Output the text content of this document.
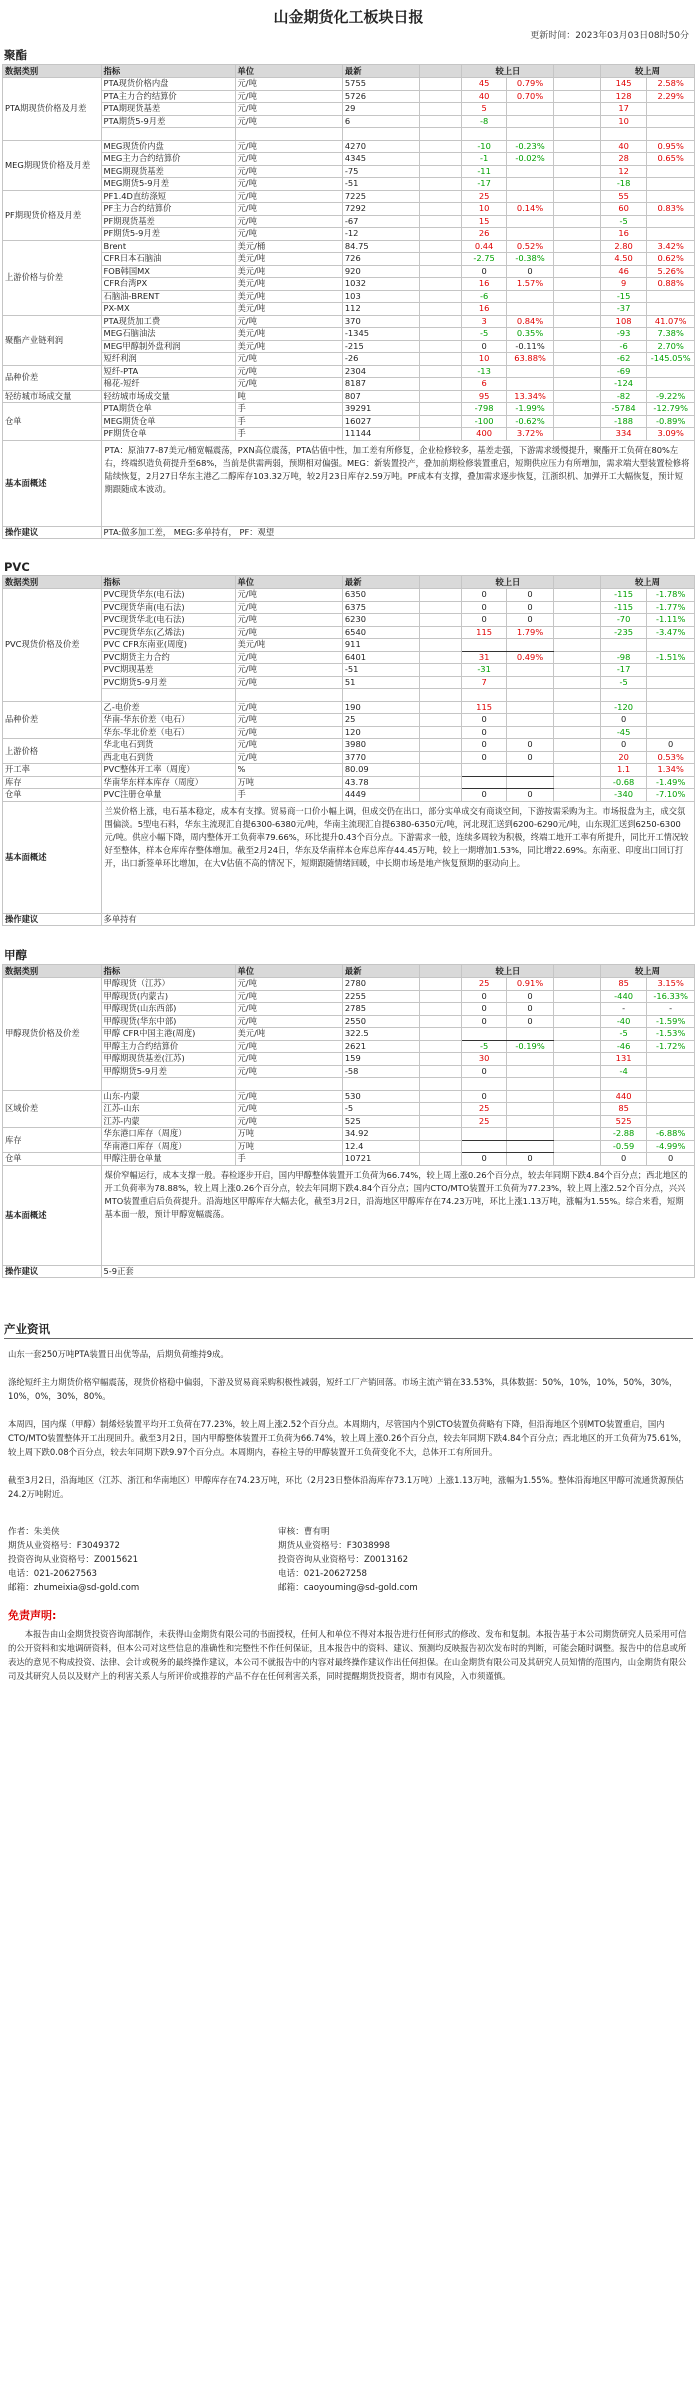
山金期货化工板块日报
更新时间：2023年03月03日08时50分
聚酯
数据类别	指标	单位	最新		较上日			较上周	
PTA期现货价格及月差	PTA现货价格内盘	元/吨	5755		45	0.79%		145	2.58%
	PTA主力合约结算价	元/吨	5726		40	0.70%		128	2.29%
	PTA期现货基差	元/吨	29		5			17	
	PTA期货5-9月差	元/吨	6		-8			10	

MEG期现货价格及月差	MEG现货价内盘	元/吨	4270		-10	-0.23%		40	0.95%
	MEG主力合约结算价	元/吨	4345		-1	-0.02%		28	0.65%
	MEG期现货基差	元/吨	-75		-11			12	
	MEG期货5-9月差	元/吨	-51		-17			-18	
PF期现货价格及月差	PF1.4D直纺涤短	元/吨	7225		25			55	
	PF主力合约结算价	元/吨	7292		10	0.14%		60	0.83%
	PF期现货基差	元/吨	-67		15			-5	
	PF期货5-9月差	元/吨	-12		26			16	
上游价格与价差	Brent	美元/桶	84.75		0.44	0.52%		2.80	3.42%
	CFR日本石脑油	美元/吨	726		-2.75	-0.38%		4.50	0.62%
	FOB韩国MX	美元/吨	920		0	0		46	5.26%
	CFR台湾PX	美元/吨	1032		16	1.57%		9	0.88%
	石脑油-BRENT	美元/吨	103		-6			-15	
	PX-MX	美元/吨	112		16			-37	
聚酯产业链利润	PTA现货加工费	元/吨	370		3	0.84%		108	41.07%
	MEG石脑油法	美元/吨	-1345		-5	0.35%		-93	7.38%
	MEG甲醇制外盘利润	美元/吨	-215		0	-0.11%		-6	2.70%
	短纤利润	元/吨	-26		10	63.88%		-62	-145.05%
品种价差	短纤-PTA	元/吨	2304		-13			-69	
	棉花-短纤	元/吨	8187		6			-124	
轻纺城市场成交量	轻纺城市场成交量	吨	807		95	13.34%		-82	-9.22%
仓单	PTA期货仓单	手	39291		-798	-1.99%		-5784	-12.79%
	MEG期货仓单	手	16027		-100	-0.62%		-188	-0.89%
	PF期货仓单	手	11144		400	3.72%		334	3.09%
基本面概述	PTA：原油77-87美元/桶宽幅震荡，PXN高位震荡，PTA估值中性，加工差有所修复，企业检修较多，基差走强，下游需求缓慢提升，聚酯开工负荷在80%左右，终端织造负荷提升至68%，当前是供需两弱，预期相对偏强。MEG：新装置投产，叠加前期检修装置重启，短期供应压力有所增加，需求端大型装置检修将陆续恢复，2月27日华东主港乙二醇库存103.32万吨，较2月23日库存2.59万吨。PF成本有支撑，叠加需求逐步恢复，江浙织机、加弹开工大幅恢复，预计短期跟随成本波动。								
操作建议	PTA:做多加工差， MEG:多单持有， PF：观望								
PVC
数据类别	指标	单位	最新		较上日			较上周	
PVC现货价格及价差	PVC现货华东(电石法)	元/吨	6350		0	0		-115	-1.78%
	PVC现货华南(电石法)	元/吨	6375		0	0		-115	-1.77%
	PVC现货华北(电石法)	元/吨	6230		0	0		-70	-1.11%
	PVC现货华东(乙烯法)	元/吨	6540		115	1.79%		-235	-3.47%
	PVC CFR东南亚(周度)	美元/吨	911						
	PVC期货主力合约	元/吨	6401		31	0.49%		-98	-1.51%
	PVC期现基差	元/吨	-51		-31			-17	
	PVC期货5-9月差	元/吨	51		7			-5	

品种价差	乙-电价差	元/吨	190		115			-120	
	华南-华东价差（电石）	元/吨	25		0			0	
	华东-华北价差（电石）	元/吨	120		0			-45	
上游价格	华北电石到货	元/吨	3980		0	0		0	0
	西北电石到货	元/吨	3770		0	0		20	0.53%
开工率	PVC整体开工率（周度）	%	80.09					1.1	1.34%
库存	华南华东样本库存（周度）	万吨	43.78					-0.68	-1.49%
仓单	PVC注册仓单量	手	4449		0	0		-340	-7.10%
基本面概述	兰炭价格上涨，电石基本稳定，成本有支撑。贸易商一口价小幅上调，但成交仍在出口，部分实单成交有商谈空间，下游按需采购为主。市场报盘为主，成交氛围偏淡。5型电石料，华东主流现汇自提6300-6380元/吨，华南主流现汇自提6380-6350元/吨，河北现汇送到6200-6290元/吨，山东现汇送到6250-6300元/吨。供应小幅下降，周内整体开工负荷率79.66%，环比提升0.43个百分点。下游需求一般，连续多周较为积极，终端工地开工率有所提升，同比开工情况较好至整体，样本仓库库存整体增加。截至2月24日，华东及华南样本仓库总库存44.45万吨，较上一期增加1.53%，同比增22.69%。东南亚、印度出口回订打开，出口新签单环比增加，在大V估值不高的情况下，短期跟随情绪回暖，中长期市场是地产恢复预期的驱动向上。								
操作建议	多单持有								
甲醇
数据类别	指标	单位	最新		较上日			较上周	
甲醇现货价格及价差	甲醇现货（江苏）	元/吨	2780		25	0.91%		85	3.15%
	甲醇现货(内蒙古)	元/吨	2255		0	0		-440	-16.33%
	甲醇现货(山东西部)	元/吨	2785		0	0		-	-
	甲醇现货(华东中部)	元/吨	2550		0	0		-40	-1.59%
	甲醇 CFR中国主港(周度)	美元/吨	322.5					-5	-1.53%
	甲醇主力合约结算价	元/吨	2621		-5	-0.19%		-46	-1.72%
	甲醇期现货基差(江苏)	元/吨	159		30			131	
	甲醇期货5-9月差	元/吨	-58		0			-4	

区域价差	山东-内蒙	元/吨	530		0			440	
	江苏-山东	元/吨	-5		25			85	
	江苏-内蒙	元/吨	525		25			525	
库存	华东港口库存（周度）	万吨	34.92					-2.88	-6.88%
	华南港口库存（周度）	万吨	12.4					-0.59	-4.99%
仓单	甲醇注册仓单量	手	10721		0	0		0	0
基本面概述	煤价窄幅运行，成本支撑一般。春检逐步开启，国内甲醇整体装置开工负荷为66.74%，较上周上涨0.26个百分点，较去年同期下跌4.84个百分点；西北地区的开工负荷率为78.88%，较上周上涨0.26个百分点，较去年同期下跌4.84个百分点；国内CTO/MTO装置开工负荷为77.23%，较上周上涨2.52个百分点，兴兴MTO装置重启后负荷提升。沿海地区甲醇库存大幅去化，截至3月2日，沿海地区甲醇库存在74.23万吨，环比上涨1.13万吨，涨幅为1.55%。综合来看，短期基本面一般，预计甲醇宽幅震荡。								
操作建议	5-9正套								
产业资讯

山东一套250万吨PTA装置日出优等品，后期负荷维持9成。

涤纶短纤主力期货价格窄幅震荡，现货价格稳中偏弱，下游及贸易商采购积极性减弱，短纤工厂产销回落。市场主流产销在33.53%，具体数据：50%，10%，10%，50%，30%，10%，0%，30%，80%。

本周四，国内煤（甲醇）制烯烃装置平均开工负荷在77.23%，较上周上涨2.52个百分点。本周期内，尽管国内个别CTO装置负荷略有下降，但沿海地区个别MTO装置重启，国内CTO/MTO装置整体开工出现回升。截至3月2日，国内甲醇整体装置开工负荷为66.74%，较上周上涨0.26个百分点，较去年同期下跌4.84个百分点；西北地区的开工负荷为75.61%，较上周下跌0.08个百分点，较去年同期下跌9.97个百分点。本周期内，春检主导的甲醇装置开工负荷变化不大，总体开工有所回升。

截至3月2日，沿海地区（江苏、浙江和华南地区）甲醇库存在74.23万吨，环比（2月23日整体沿海库存73.1万吨）上涨1.13万吨，涨幅为1.55%。整体沿海地区甲醇可流通货源预估24.2万吨附近。

作者：朱美侠
期货从业资格号：F3049372
投资咨询从业资格号：Z0015621
电话：021-20627563
邮箱：zhumeixia@sd-gold.com
审核：曹有明
期货从业资格号：F3038998
投资咨询从业资格号：Z0013162
电话：021-20627258
邮箱：caoyouming@sd-gold.com
免责声明:
本报告由山金期货投资咨询部制作，未获得山金期货有限公司的书面授权，任何人和单位不得对本报告进行任何形式的修改、发布和复制。本报告基于本公司期货研究人员采用可信的公开资料和实地调研资料，但本公司对这些信息的准确性和完整性不作任何保证，且本报告中的资料、建议、预测均反映报告初次发布时的判断，可能会随时调整。报告中的信息或所表达的意见不构成投资、法律、会计或税务的最终操作建议，本公司不就报告中的内容对最终操作建议作出任何担保。在山金期货有限公司及其研究人员知情的范围内，山金期货有限公司及其研究人员以及财产上的利害关系人与所评价或推荐的产品不存在任何利害关系，同时提醒期货投资者，期市有风险，入市须谨慎。
